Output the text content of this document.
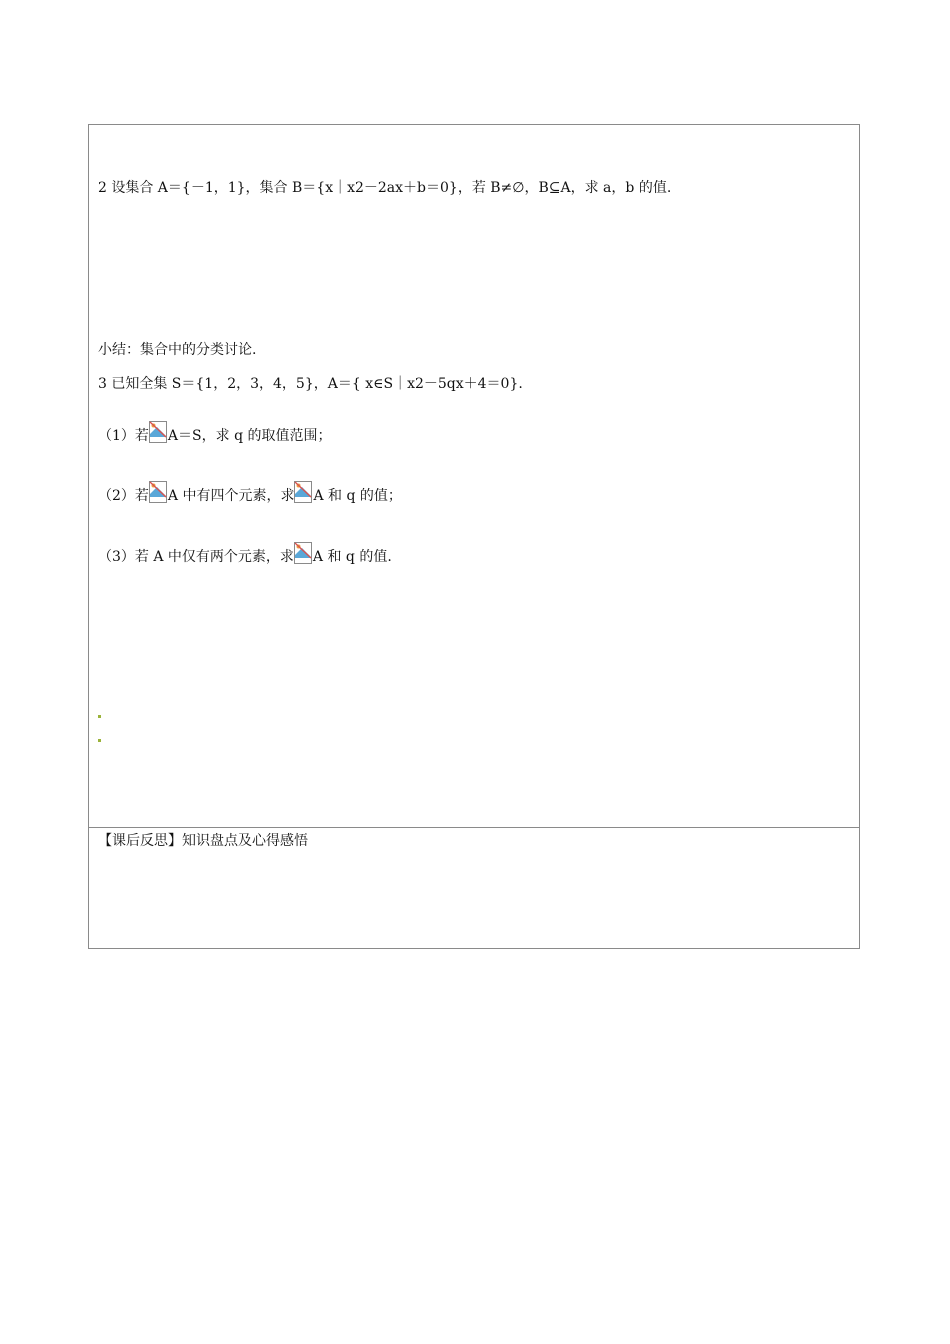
2 设集合 A＝{－1，1}，集合 B＝{x｜x2－2ax＋b＝0}，若 B≠∅，B⊆A，求 a，b 的值.
小结：集合中的分类讨论.
3 已知全集 S＝{1，2，3，4，5}，A＝{ x∈S｜x2－5qx＋4＝0}.
（1）若 A＝S，求 q 的取值范围；
（2）若 A 中有四个元素，求 A 和 q 的值；
（3）若 A 中仅有两个元素，求 A 和 q 的值.
【课后反思】知识盘点及心得感悟
